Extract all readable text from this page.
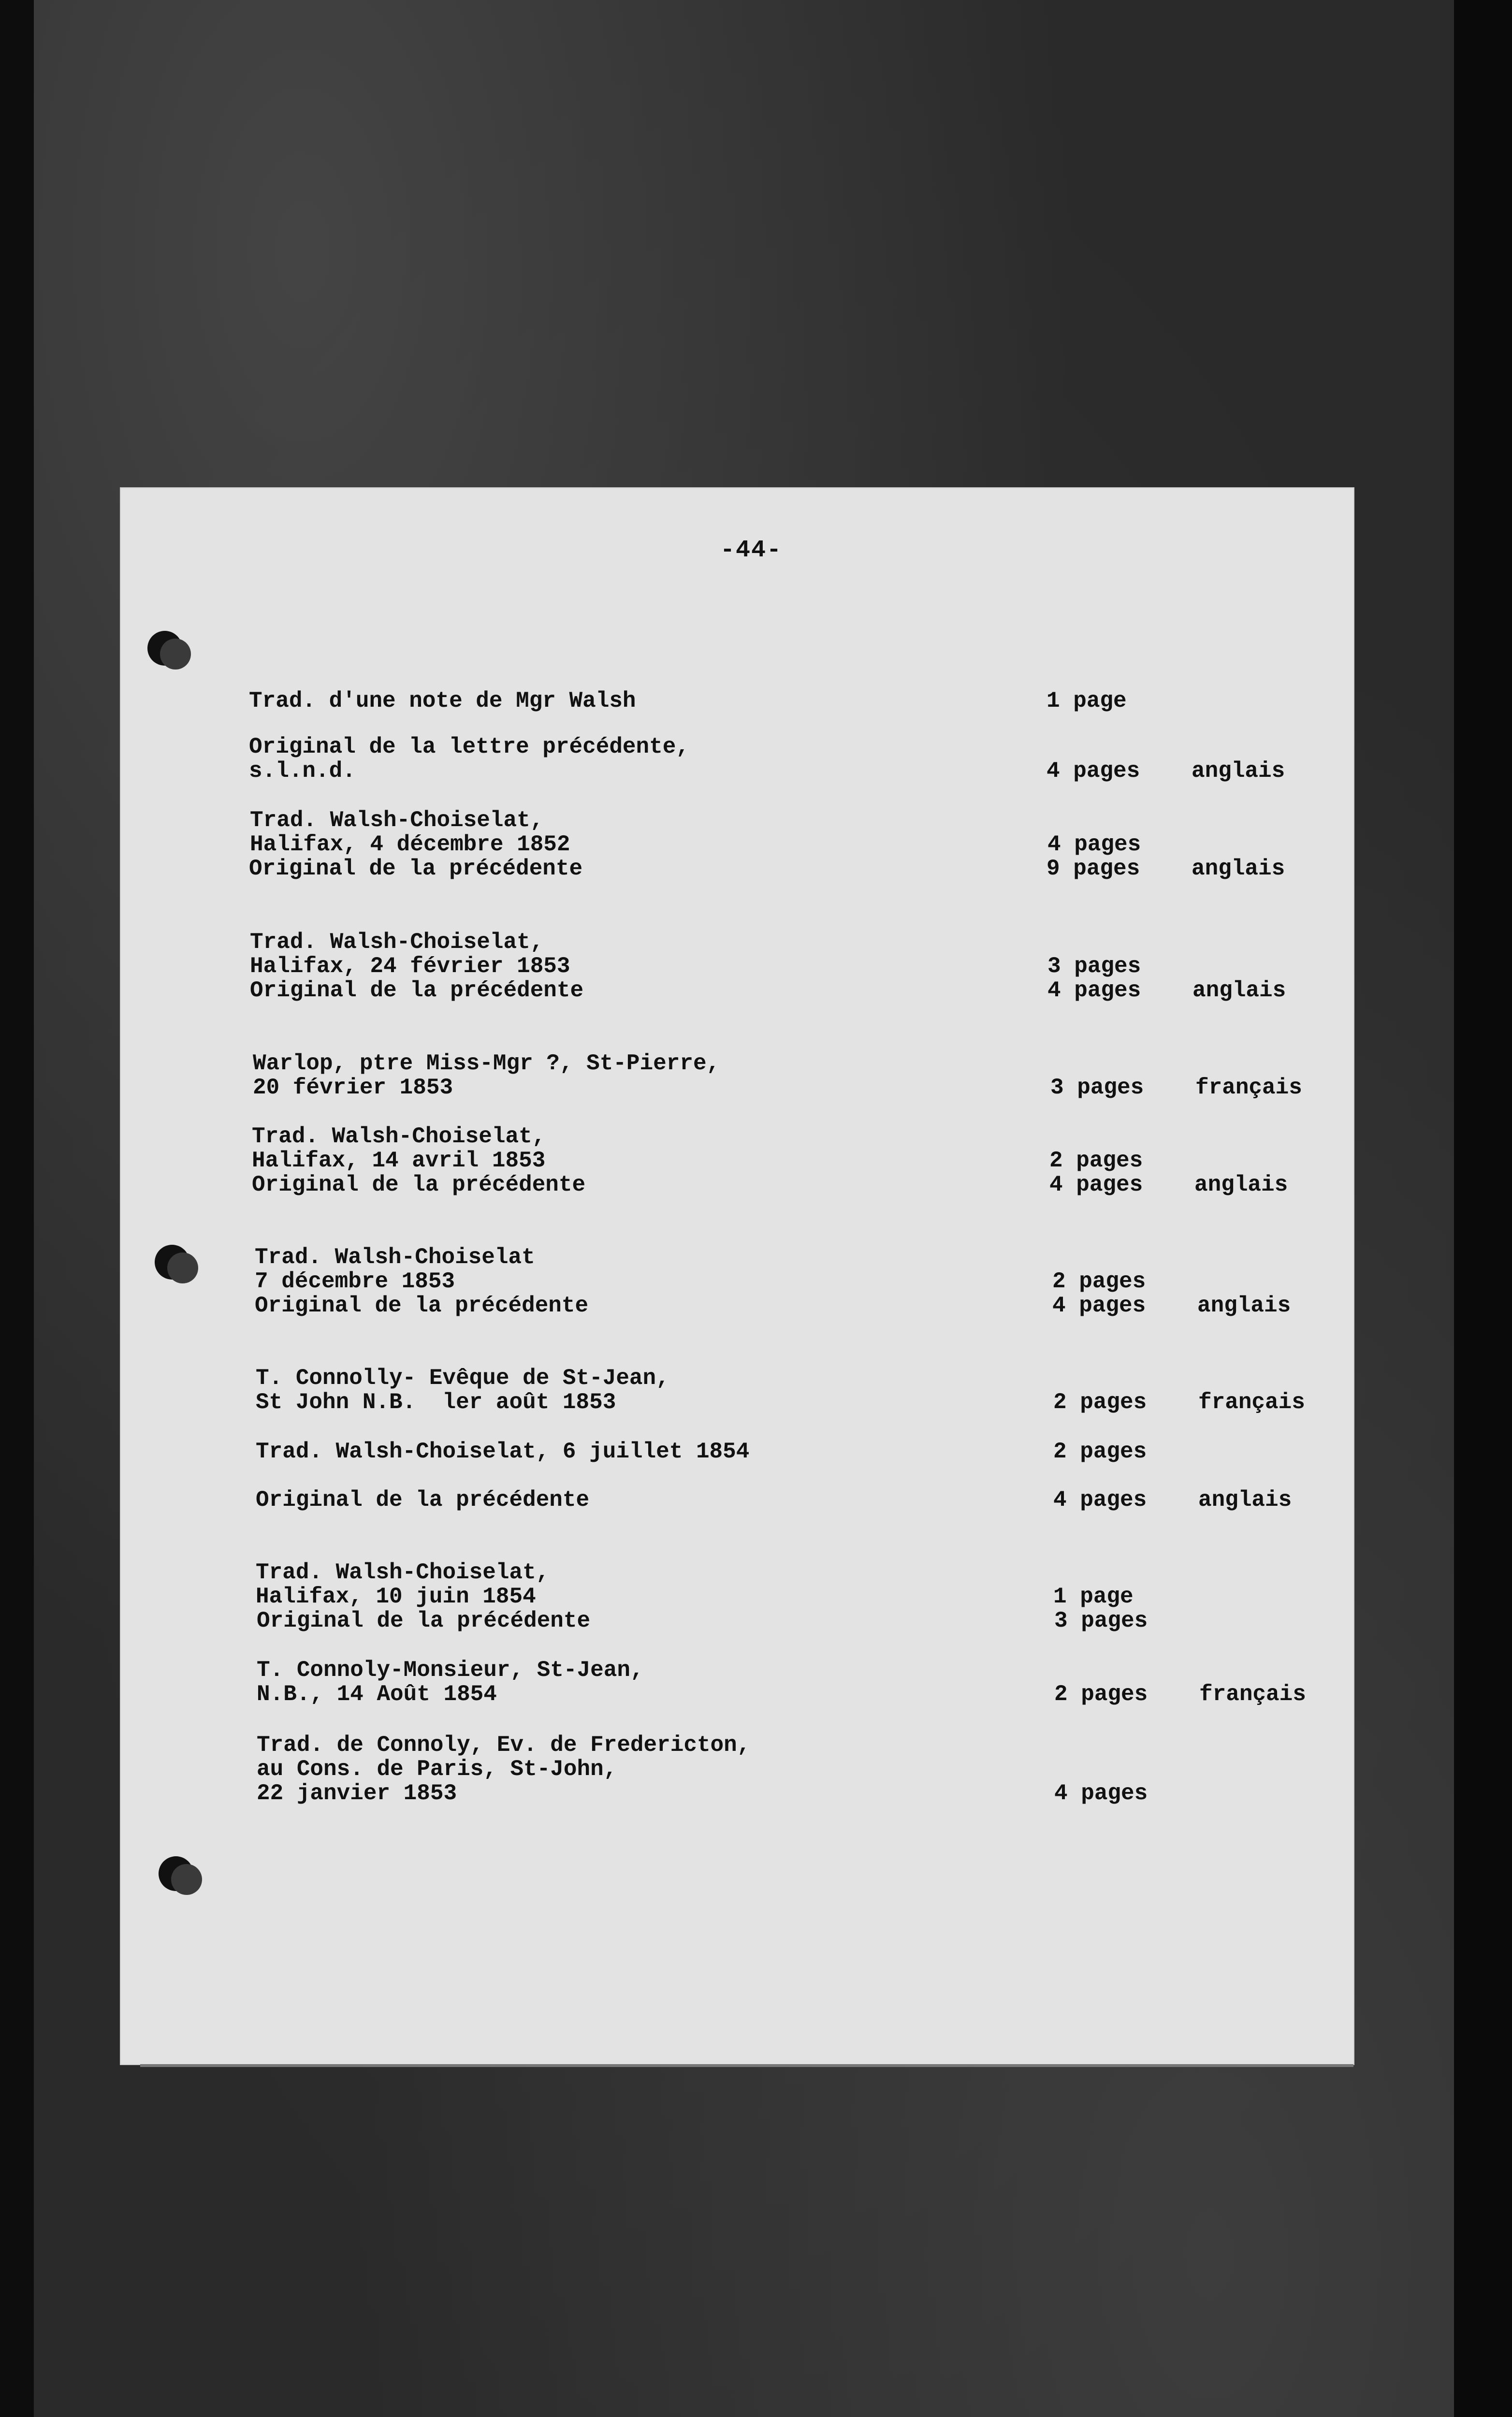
-44-
Trad. d'une note de Mgr Walsh	1 page
Original de la lettre précédente,
s.l.n.d.	4 pages anglais
Trad. Walsh-Choiselat,
Halifax, 4 décembre 1852	4 pages
Original de la précédente	9 pages anglais
Trad. Walsh-Choiselat,
Halifax, 24 février 1853	3 pages
Original de la précédente	4 pages anglais
Warlop, ptre Miss-Mgr ?, St-Pierre,
20 février 1853	3 pages français
Trad. Walsh-Choiselat,
Halifax, 14 avril 1853	2 pages
Original de la précédente	4 pages anglais
Trad. Walsh-Choiselat
7 décembre 1853	2 pages
Original de la précédente	4 pages anglais
T. Connolly- Evêque de St-Jean,
St John N.B.  ler août 1853	2 pages français
Trad. Walsh-Choiselat, 6 juillet 1854	2 pages
Original de la précédente	4 pages anglais
Trad. Walsh-Choiselat,
Halifax, 10 juin 1854	1 page
Original de la précédente	3 pages
T. Connoly-Monsieur, St-Jean,
N.B., 14 Août 1854	2 pages français
Trad. de Connoly, Ev. de Fredericton,
au Cons. de Paris, St-John,
22 janvier 1853	4 pages
